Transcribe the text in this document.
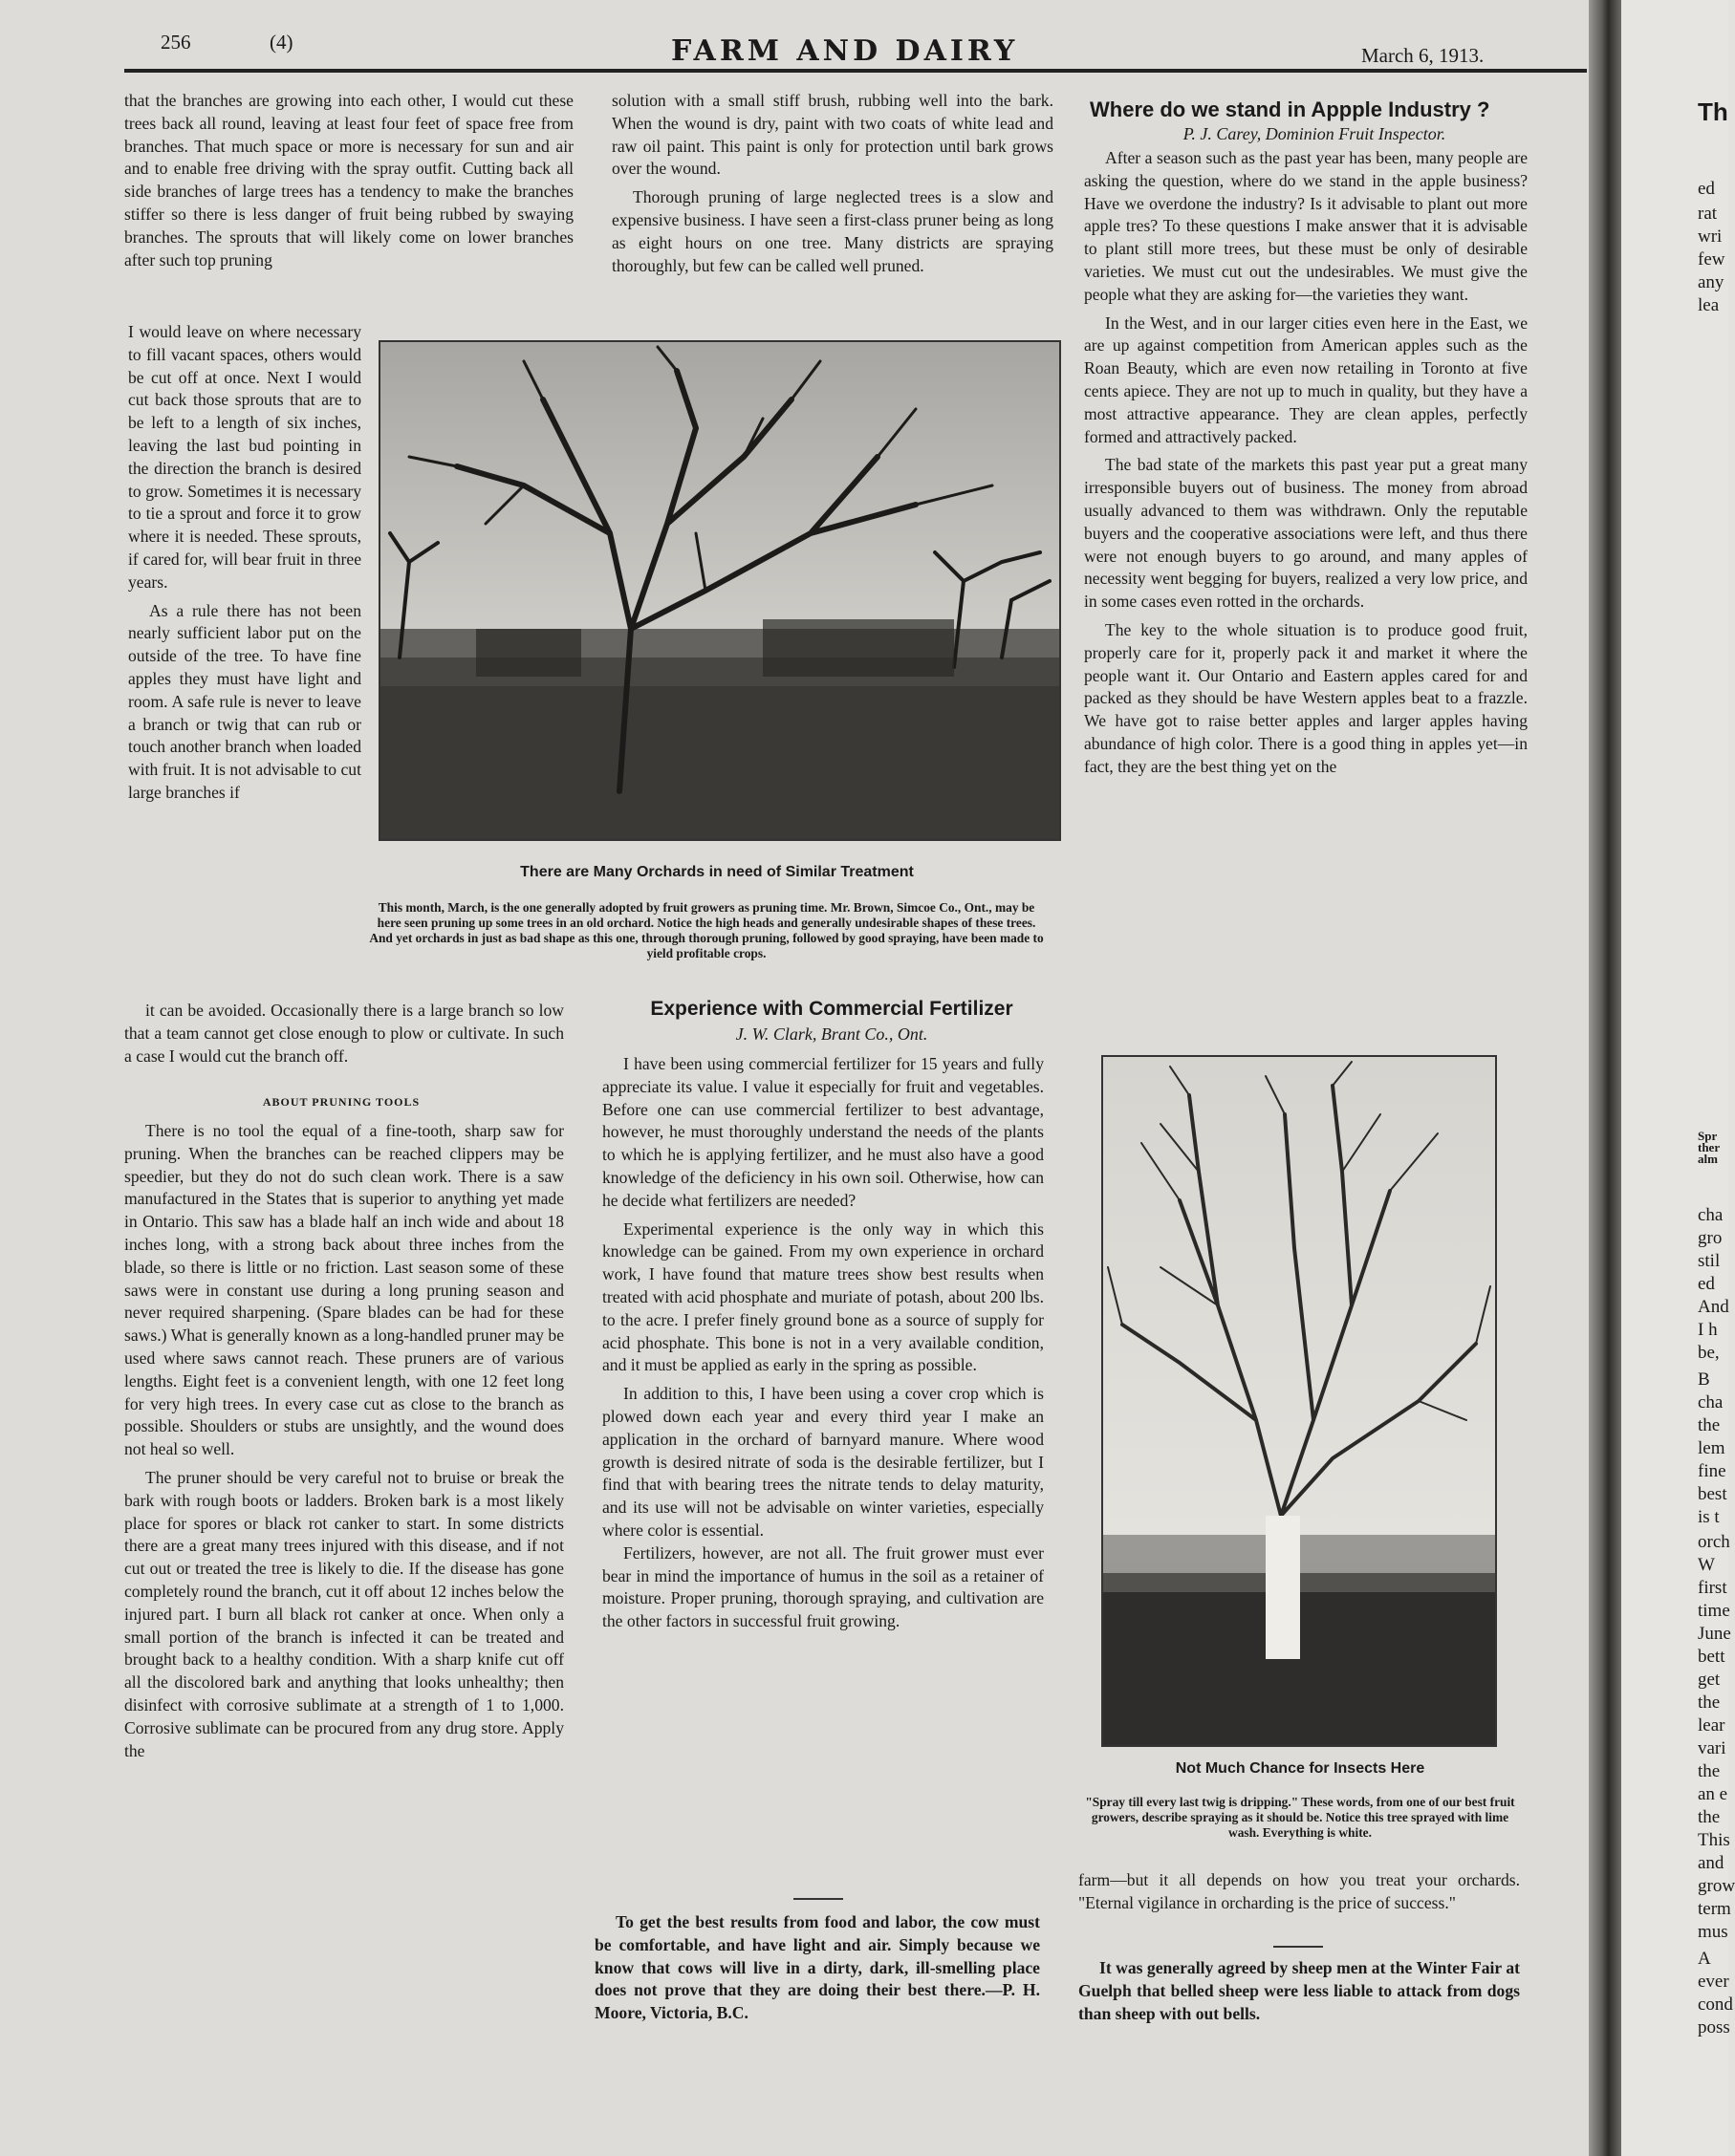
256	(4)	FARM AND DAIRY	March 6, 1913.

that the branches are growing into each other, I would cut these trees back all round, leaving at least four feet of space free from branches. That much space or more is necessary for sun and air and to enable free driving with the spray outfit. Cutting back all side branches of large trees has a tendency to make the branches stiffer so there is less danger of fruit being rubbed by swaying branches. The sprouts that will likely come on lower branches after such top pruning

I would leave on where necessary to fill vacant spaces, others would be cut off at once. Next I would cut back those sprouts that are to be left to a length of six inches, leaving the last bud pointing in the direction the branch is desired to grow. Sometimes it is necessary to tie a sprout and force it to grow where it is needed. These sprouts, if cared for, will bear fruit in three years.

As a rule there has not been nearly sufficient labor put on the outside of the tree. To have fine apples they must have light and room. A safe rule is never to leave a branch or twig that can rub or touch another branch when loaded with fruit. It is not advisable to cut large branches if

it can be avoided. Occasionally there is a large branch so low that a team cannot get close enough to plow or cultivate. In such a case I would cut the branch off.

ABOUT PRUNING TOOLS

There is no tool the equal of a fine-tooth, sharp saw for pruning. When the branches can be reached clippers may be speedier, but they do not do such clean work. There is a saw manufactured in the States that is superior to anything yet made in Ontario. This saw has a blade half an inch wide and about 18 inches long, with a strong back about three inches from the blade, so there is little or no friction. Last season some of these saws were in constant use during a long pruning season and never required sharpening. (Spare blades can be had for these saws.) What is generally known as a long-handled pruner may be used where saws cannot reach. These pruners are of various lengths. Eight feet is a convenient length, with one 12 feet long for very high trees. In every case cut as close to the branch as possible. Shoulders or stubs are unsightly, and the wound does not heal so well.

The pruner should be very careful not to bruise or break the bark with rough boots or ladders. Broken bark is a most likely place for spores or black rot canker to start. In some districts there are a great many trees injured with this disease, and if not cut out or treated the tree is likely to die. If the disease has gone completely round the branch, cut it off about 12 inches below the injured part. I burn all black rot canker at once. When only a small portion of the branch is infected it can be treated and brought back to a healthy condition. With a sharp knife cut off all the discolored bark and anything that looks unhealthy; then disinfect with corrosive sublimate at a strength of 1 to 1,000. Corrosive sublimate can be procured from any drug store. Apply the

solution with a small stiff brush, rubbing well into the bark. When the wound is dry, paint with two coats of white lead and raw oil paint. This paint is only for protection until bark grows over the wound.

Thorough pruning of large neglected trees is a slow and expensive business. I have seen a first-class pruner being as long as eight hours on one tree. Many districts are spraying thoroughly, but few can be called well pruned.

There are Many Orchards in need of Similar Treatment
This month, March, is the one generally adopted by fruit growers as pruning time. Mr. Brown, Simcoe Co., Ont., may be here seen pruning up some trees in an old orchard. Notice the high heads and generally undesirable shapes of these trees. And yet orchards in just as bad shape as this one, through thorough pruning, followed by good spraying, have been made to yield profitable crops.
Experience with Commercial Fertilizer
J. W. Clark, Brant Co., Ont.

I have been using commercial fertilizer for 15 years and fully appreciate its value. I value it especially for fruit and vegetables. Before one can use commercial fertilizer to best advantage, however, he must thoroughly understand the needs of the plants to which he is applying fertilizer, and he must also have a good knowledge of the deficiency in his own soil. Otherwise, how can he decide what fertilizers are needed?

Experimental experience is the only way in which this knowledge can be gained. From my own experience in orchard work, I have found that mature trees show best results when treated with acid phosphate and muriate of potash, about 200 lbs. to the acre. I prefer finely ground bone as a source of supply for acid phosphate. This bone is not in a very available condition, and it must be applied as early in the spring as possible.

In addition to this, I have been using a cover crop which is plowed down each year and every third year I make an application in the orchard of barnyard manure. Where wood growth is desired nitrate of soda is the desirable fertilizer, but I find that with bearing trees the nitrate tends to delay maturity, and its use will not be advisable on winter varieties, especially where color is essential.

Fertilizers, however, are not all. The fruit grower must ever bear in mind the importance of humus in the soil as a retainer of moisture. Proper pruning, thorough spraying, and cultivation are the other factors in successful fruit growing.

To get the best results from food and labor, the cow must be comfortable, and have light and air. Simply because we know that cows will live in a dirty, dark, ill-smelling place does not prove that they are doing their best there.—P. H. Moore, Victoria, B.C.

Where do we stand in Appple Industry ?
P. J. Carey, Dominion Fruit Inspector.

After a season such as the past year has been, many people are asking the question, where do we stand in the apple business? Have we overdone the industry? Is it advisable to plant out more apple tres? To these questions I make answer that it is advisable to plant still more trees, but these must be only of desirable varieties. We must cut out the undesirables. We must give the people what they are asking for—the varieties they want.

In the West, and in our larger cities even here in the East, we are up against competition from American apples such as the Roan Beauty, which are even now retailing in Toronto at five cents apiece. They are not up to much in quality, but they have a most attractive appearance. They are clean apples, perfectly formed and attractively packed.

The bad state of the markets this past year put a great many irresponsible buyers out of business. The money from abroad usually advanced to them was withdrawn. Only the reputable buyers and the cooperative associations were left, and thus there were not enough buyers to go around, and many apples of necessity went begging for buyers, realized a very low price, and in some cases even rotted in the orchards.

The key to the whole situation is to produce good fruit, properly care for it, properly pack it and market it where the people want it. Our Ontario and Eastern apples cared for and packed as they should be have Western apples beat to a frazzle. We have got to raise better apples and larger apples having abundance of high color. There is a good thing in apples yet—in fact, they are the best thing yet on the

Not Much Chance for Insects Here
"Spray till every last twig is dripping." These words, from one of our best fruit growers, describe spraying as it should be. Notice this tree sprayed with lime wash. Everything is white.

farm—but it all depends on how you treat your orchards. "Eternal vigilance in orcharding is the price of success."

It was generally agreed by sheep men at the Winter Fair at Guelph that belled sheep were less liable to attack from dogs than sheep with out bells.

Th
ed
rat
wri
few
any
lea
Spr
ther
alm
cha
gro
stil
ed
And
I h
be,
B
cha
the
lem
fine
best
is t
orch
W
first
time
June
bett
get
the
lear
vari
the
an e
the
This
and
grow
term
mus
A
ever
cond
poss
